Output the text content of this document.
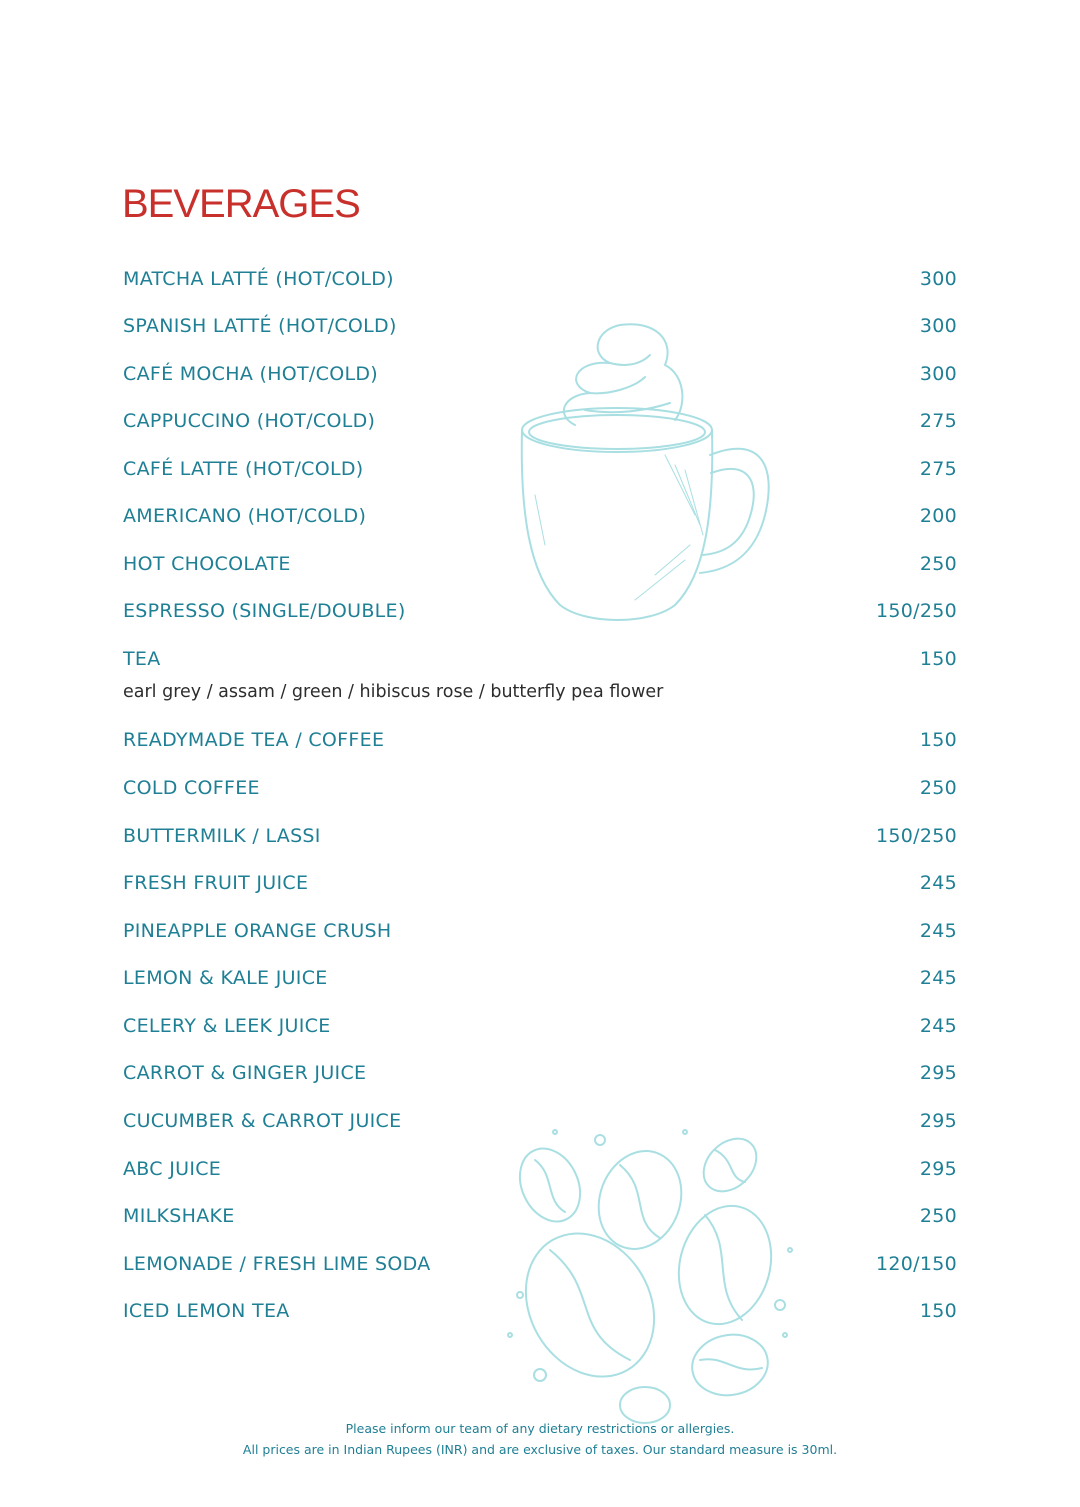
BEVERAGES
MATCHA LATTÉ (HOT/COLD)	300
SPANISH LATTÉ (HOT/COLD)	300
CAFÉ MOCHA (HOT/COLD)	300
CAPPUCCINO (HOT/COLD)	275
CAFÉ LATTE (HOT/COLD)	275
AMERICANO (HOT/COLD)	200
HOT CHOCOLATE	250
ESPRESSO (SINGLE/DOUBLE)	150/250
TEA	150
earl grey / assam / green / hibiscus rose / butterfly pea flower
READYMADE TEA / COFFEE	150
COLD COFFEE	250
BUTTERMILK / LASSI	150/250
FRESH FRUIT JUICE	245
PINEAPPLE ORANGE CRUSH	245
LEMON & KALE JUICE	245
CELERY & LEEK JUICE	245
CARROT & GINGER JUICE	295
CUCUMBER & CARROT JUICE	295
ABC JUICE	295
MILKSHAKE	250
LEMONADE / FRESH LIME SODA	120/150
ICED LEMON TEA	150
Please inform our team of any dietary restrictions or allergies.
All prices are in Indian Rupees (INR) and are exclusive of taxes. Our standard measure is 30ml.
